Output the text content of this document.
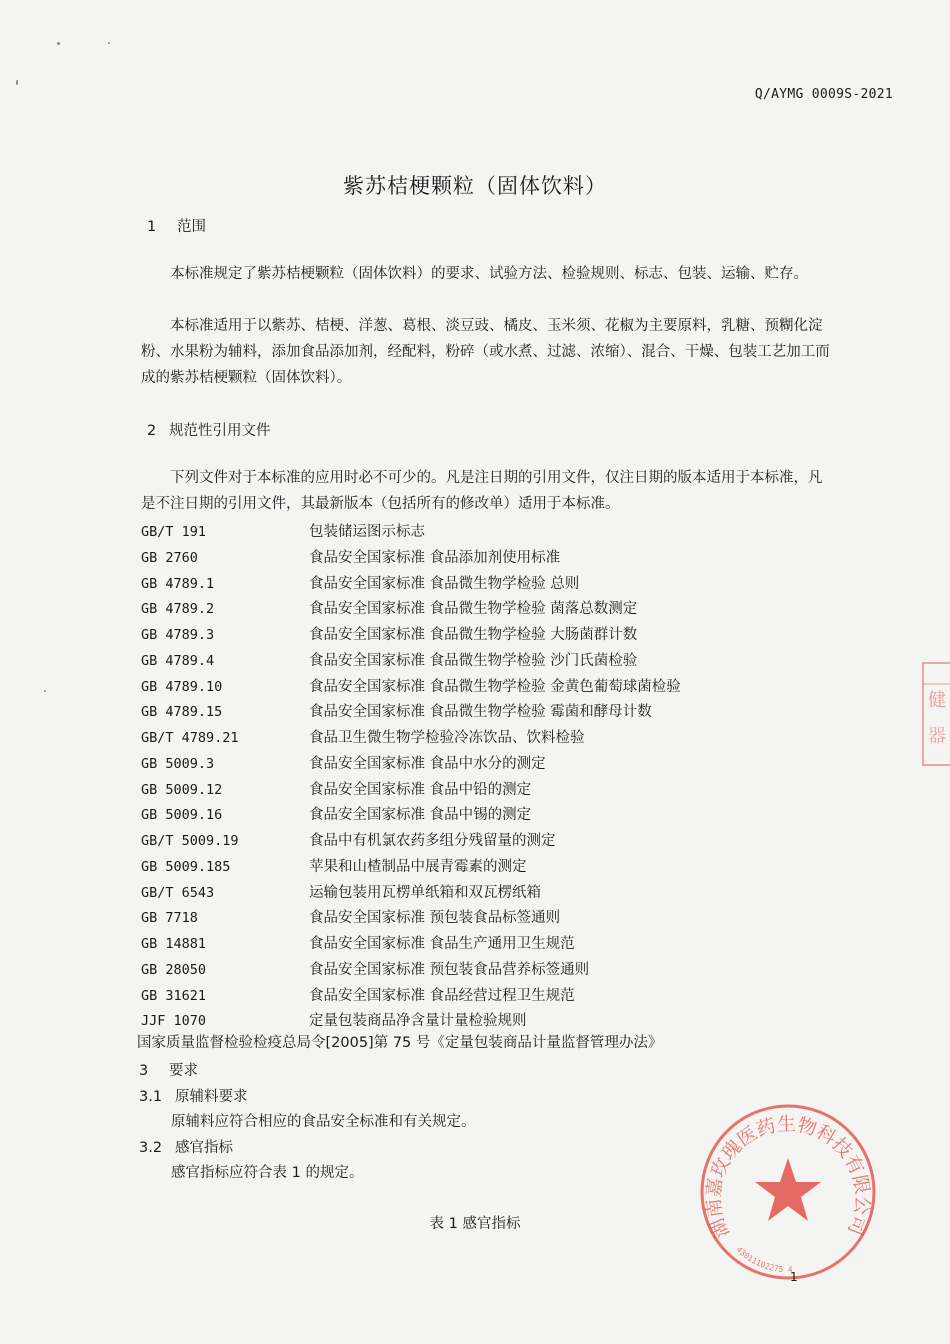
Q/AYMG 0009S-2021
紫苏桔梗颗粒（固体饮料）
1 范围
本标准规定了紫苏桔梗颗粒（固体饮料）的要求、试验方法、检验规则、标志、包装、运输、贮存。
本标准适用于以紫苏、桔梗、洋葱、葛根、淡豆豉、橘皮、玉米须、花椒为主要原料，乳糖、预糊化淀粉、水果粉为辅料，添加食品添加剂，经配料，粉碎（或水煮、过滤、浓缩）、混合、干燥、包装工艺加工而成的紫苏桔梗颗粒（固体饮料）。
2 规范性引用文件
下列文件对于本标准的应用时必不可少的。凡是注日期的引用文件，仅注日期的版本适用于本标准，凡是不注日期的引用文件，其最新版本（包括所有的修改单）适用于本标准。
GB/T 191	包装储运图示标志
GB 2760	食品安全国家标准 食品添加剂使用标准
GB 4789.1	食品安全国家标准 食品微生物学检验 总则
GB 4789.2	食品安全国家标准 食品微生物学检验 菌落总数测定
GB 4789.3	食品安全国家标准 食品微生物学检验 大肠菌群计数
GB 4789.4	食品安全国家标准 食品微生物学检验 沙门氏菌检验
GB 4789.10	食品安全国家标准 食品微生物学检验 金黄色葡萄球菌检验
GB 4789.15	食品安全国家标准 食品微生物学检验 霉菌和酵母计数
GB/T 4789.21	食品卫生微生物学检验冷冻饮品、饮料检验
GB 5009.3	食品安全国家标准 食品中水分的测定
GB 5009.12	食品安全国家标准 食品中铅的测定
GB 5009.16	食品安全国家标准 食品中锡的测定
GB/T 5009.19	食品中有机氯农药多组分残留量的测定
GB 5009.185	苹果和山楂制品中展青霉素的测定
GB/T 6543	运输包装用瓦楞单纸箱和双瓦楞纸箱
GB 7718	食品安全国家标准 预包装食品标签通则
GB 14881	食品安全国家标准 食品生产通用卫生规范
GB 28050	食品安全国家标准 预包装食品营养标签通则
GB 31621	食品安全国家标准 食品经营过程卫生规范
JJF 1070	定量包装商品净含量计量检验规则
国家质量监督检验检疫总局令[2005]第 75 号《定量包装商品计量监督管理办法》
3 要求
3.1 原辅料要求
原辅料应符合相应的食品安全标准和有关规定。
3.2 感官指标
感官指标应符合表 1 的规定。
表 1 感官指标	湖南嘉玫瑰医药生物科技有限公司
43011102275 4
健
器
1
